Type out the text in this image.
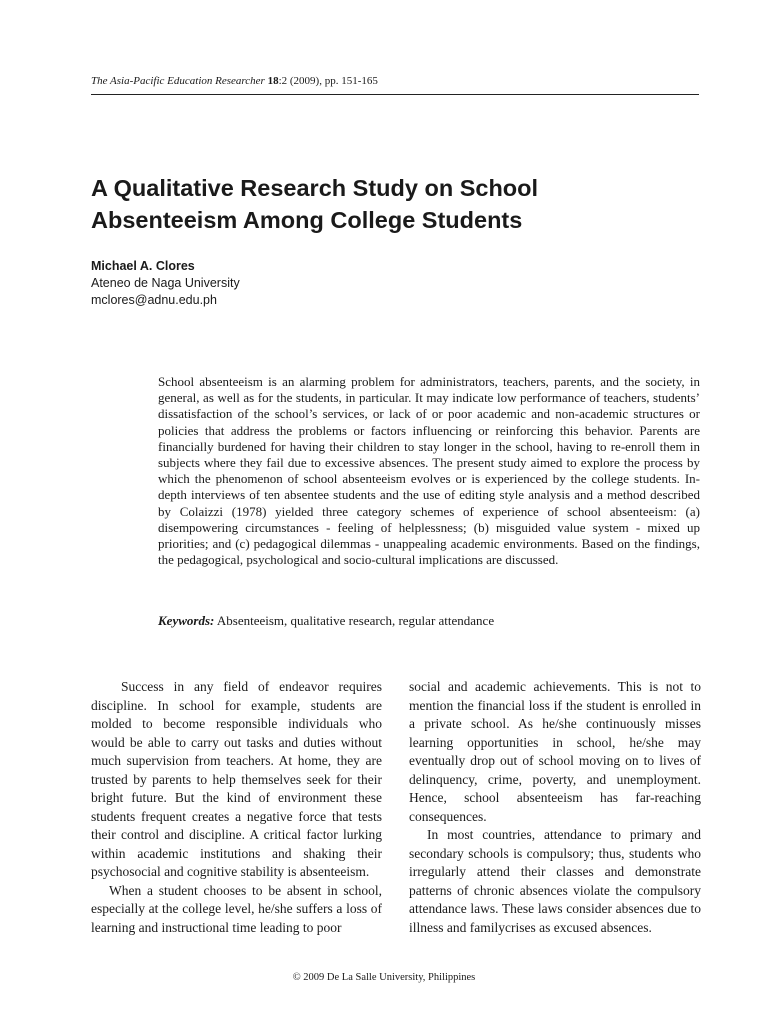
The Asia-Pacific Education Researcher 18:2 (2009), pp. 151-165
A Qualitative Research Study on School Absenteeism Among College Students
Michael A. Clores
Ateneo de Naga University
mclores@adnu.edu.ph

School absenteeism is an alarming problem for administrators, teachers, parents, and the society, in general, as well as for the students, in particular. It may indicate low performance of teachers, students’ dissatisfaction of the school’s services, or lack of or poor academic and non-academic structures or policies that address the problems or factors influencing or reinforcing this behavior. Parents are financially burdened for having their children to stay longer in the school, having to re-enroll them in subjects where they fail due to excessive absences. The present study aimed to explore the process by which the phenomenon of school absenteeism evolves or is experienced by the college students. In-depth interviews of ten absentee students and the use of editing style analysis and a method described by Colaizzi (1978) yielded three category schemes of experience of school absenteeism: (a) disempowering circumstances - feeling of helplessness; (b) misguided value system - mixed up priorities; and (c) pedagogical dilemmas - unappealing academic environments. Based on the findings, the pedagogical, psychological and socio-cultural implications are discussed.

Keywords: Absenteeism, qualitative research, regular attendance

Success in any field of endeavor requires discipline. In school for example, students are molded to become responsible individuals who would be able to carry out tasks and duties without much supervision from teachers. At home, they are trusted by parents to help themselves seek for their bright future. But the kind of environment these students frequent creates a negative force that tests their control and discipline. A critical factor lurking within academic institutions and shaking their psychosocial and cognitive stability is absenteeism.

When a student chooses to be absent in school, especially at the college level, he/she suffers a loss of learning and instructional time leading to poor

social and academic achievements. This is not to mention the financial loss if the student is enrolled in a private school. As he/she continuously misses learning opportunities in school, he/she may eventually drop out of school moving on to lives of delinquency, crime, poverty, and unemployment. Hence, school absenteeism has far-reaching consequences.

In most countries, attendance to primary and secondary schools is compulsory; thus, students who irregularly attend their classes and demonstrate patterns of chronic absences violate the compulsory attendance laws. These laws consider absences due to illness and familycrises as excused absences.

© 2009 De La Salle University, Philippines
